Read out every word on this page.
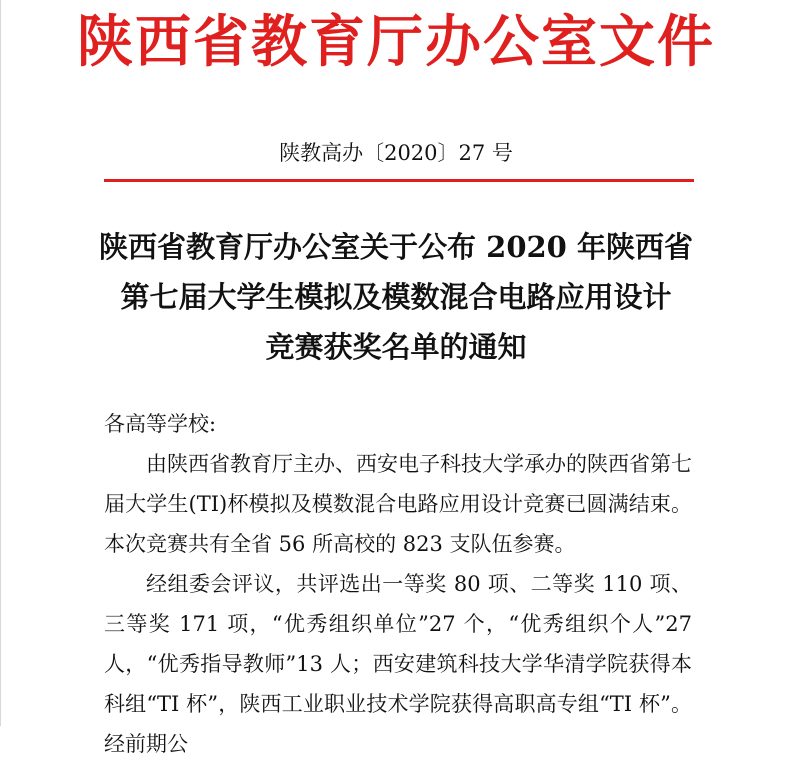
陕西省教育厅办公室文件
陕教高办〔2020〕27 号
陕西省教育厅办公室关于公布 2020 年陕西省
第七届大学生模拟及模数混合电路应用设计
竞赛获奖名单的通知
各高等学校:
由陕西省教育厅主办、西安电子科技大学承办的陕西省第七届大学生(TI)杯模拟及模数混合电路应用设计竞赛已圆满结束。本次竞赛共有全省 56 所高校的 823 支队伍参赛。
经组委会评议，共评选出一等奖 80 项、二等奖 110 项、三等奖 171 项，“优秀组织单位”27 个，“优秀组织个人”27 人，“优秀指导教师”13 人；西安建筑科技大学华清学院获得本科组“TI 杯”，陕西工业职业技术学院获得高职高专组“TI 杯”。经前期公
